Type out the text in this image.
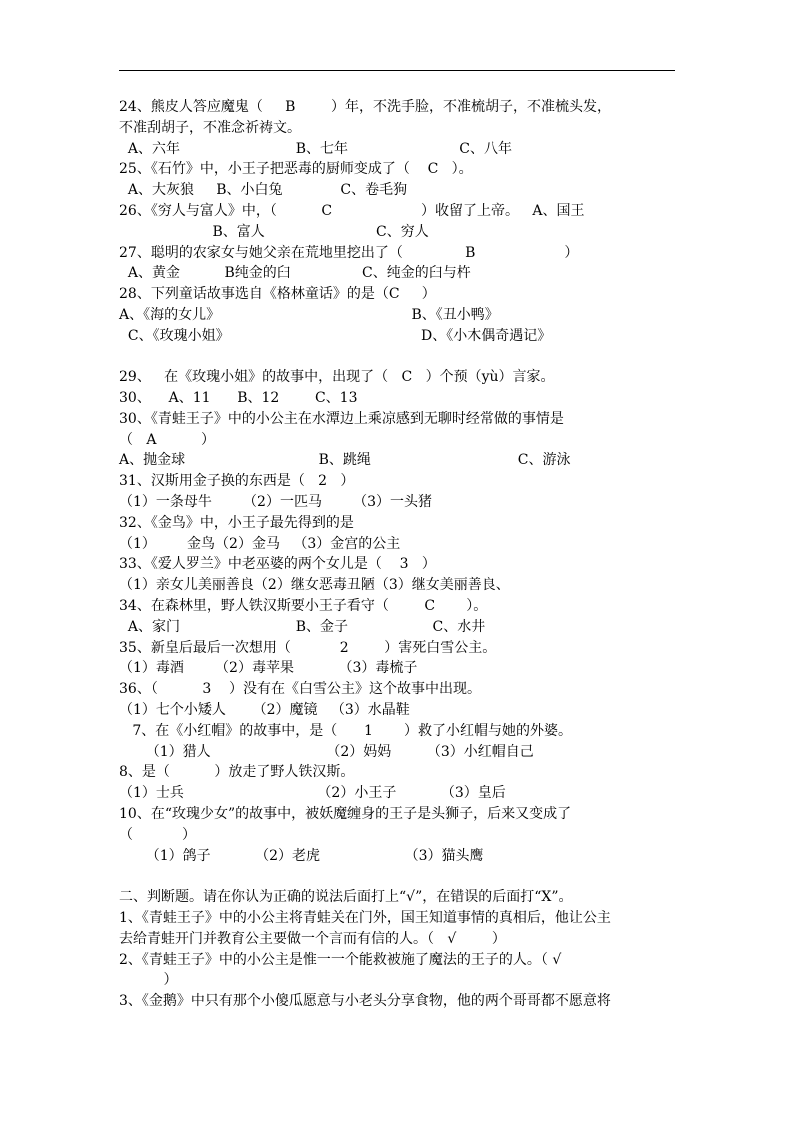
24、熊皮人答应魔鬼（     B        ）年，不洗手脸，不准梳胡子，不准梳头发，
不准刮胡子，不准念祈祷文。
A、六年                          B、七年                         C、八年
25、《石竹》中，小王子把恶毒的厨师变成了（    C   ）。
A、大灰狼     B、小白兔             C、卷毛狗
26、《穷人与富人》中，（          C                    ）收留了上帝。   A、国王
B、富人                         C、穷人
27、聪明的农家女与她父亲在荒地里挖出了（              B                    ）
A、黄金          B纯金的臼                C、纯金的臼与杵
28、下列童话故事选自《格林童话》的是（C     ）
A、《海的女儿》                                           B、《丑小鸭》
C、《玫瑰小姐》                                           D、《小木偶奇遇记》
29、   在《玫瑰小姐》的故事中，出现了（   C   ）个预（yù）言家。
30、    A、11      B、12        C、13
30、《青蛙王子》中的小公主在水潭边上乘凉感到无聊时经常做的事情是
（   A          ）
A、抛金球                              B、跳绳                                 C、游泳
31、汉斯用金子换的东西是（   2   ）
（1）一条母牛       （2）一匹马       （3）一头猪
32、《金鸟》中，小王子最先得到的是
（1）       金鸟（2）金马   （3）金宫的公主
33、《爱人罗兰》中老巫婆的两个女儿是（    3   ）
（1）亲女儿美丽善良（2）继女恶毒丑陋（3）继女美丽善良、
34、在森林里，野人铁汉斯要小王子看守（        C       ）。
A、家门                          B、金子                   C、水井
35、新皇后最后一次想用（           2        ）害死白雪公主。
（1）毒酒       （2）毒苹果          （3）毒梳子
36、（          3    ）没有在《白雪公主》这个故事中出现。
（1）七个小矮人      （2）魔镜   （3）水晶鞋
7、在《小红帽》的故事中，是（      1       ）救了小红帽与她的外婆。
（1）猎人                          （2）妈妈        （3）小红帽自己
8、是（          ）放走了野人铁汉斯。
（1）士兵                              （2）小王子          （3）皇后
10、在“玫瑰少女”的故事中，被妖魔缠身的王子是头狮子，后来又变成了
（           ）
（1）鸽子          （2）老虎                   （3）猫头鹰
二、判断题。请在你认为正确的说法后面打上“√”，在错误的后面打“X”。
1、《青蛙王子》中的小公主将青蛙关在门外，国王知道事情的真相后，他让公主
去给青蛙开门并教育公主要做一个言而有信的人。（   √        ）
2、《青蛙王子》中的小公主是惟一一个能救被施了魔法的王子的人。（ √
）
3、《金鹅》中只有那个小傻瓜愿意与小老头分享食物，他的两个哥哥都不愿意将
